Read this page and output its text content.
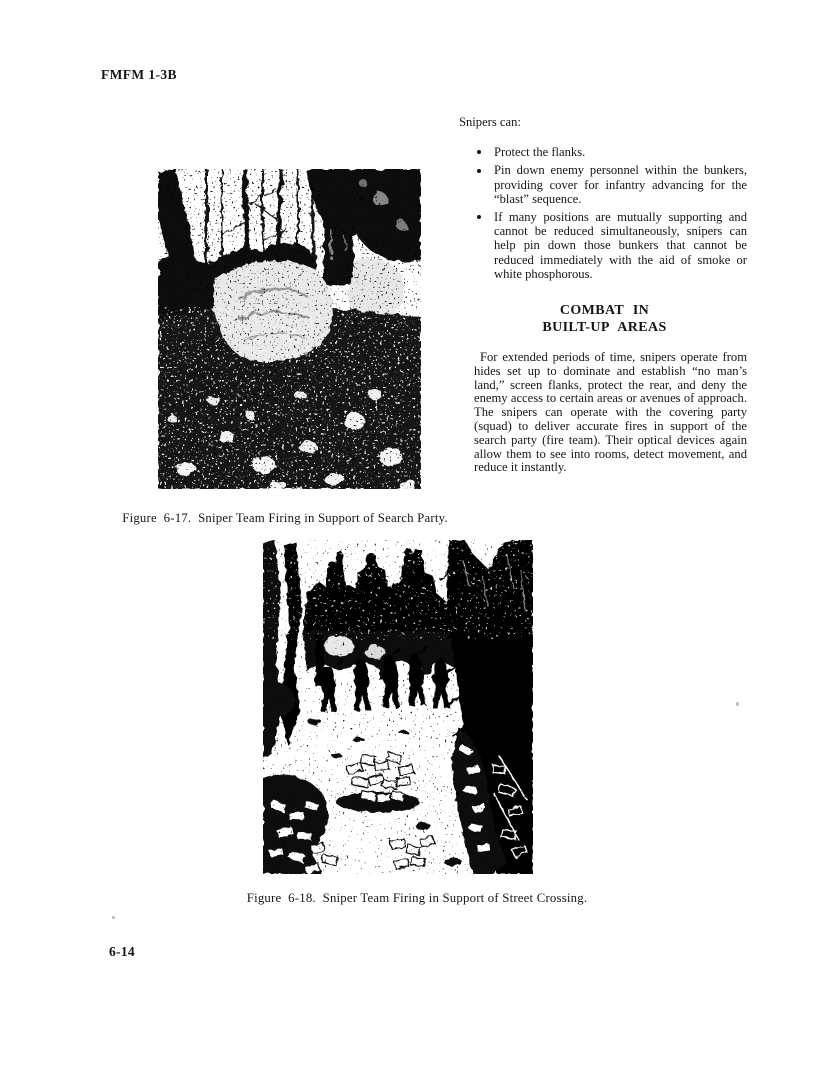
FMFM 1-3B
Figure  6-17.  Sniper Team Firing in Support of Search Party.
Snipers can:
Protect the flanks.
Pin down enemy personnel within the bunkers, providing cover for infantry advancing for the “blast” sequence.
If many positions are mutually supporting and cannot be reduced simultaneously, snipers can help pin down those bunkers that cannot be reduced immediately with the aid of smoke or white phosphorous.
COMBAT IN
BUILT-UP AREAS

For extended periods of time, snipers operate from hides set up to dominate and establish “no man’s land,” screen flanks, protect the rear, and deny the enemy access to certain areas or avenues of approach. The snipers can operate with the covering party (squad) to deliver accurate fires in support of the search party (fire team). Their optical devices again allow them to see into rooms, detect movement, and reduce it instantly.

Figure  6-18.  Sniper Team Firing in Support of Street Crossing.
6-14
